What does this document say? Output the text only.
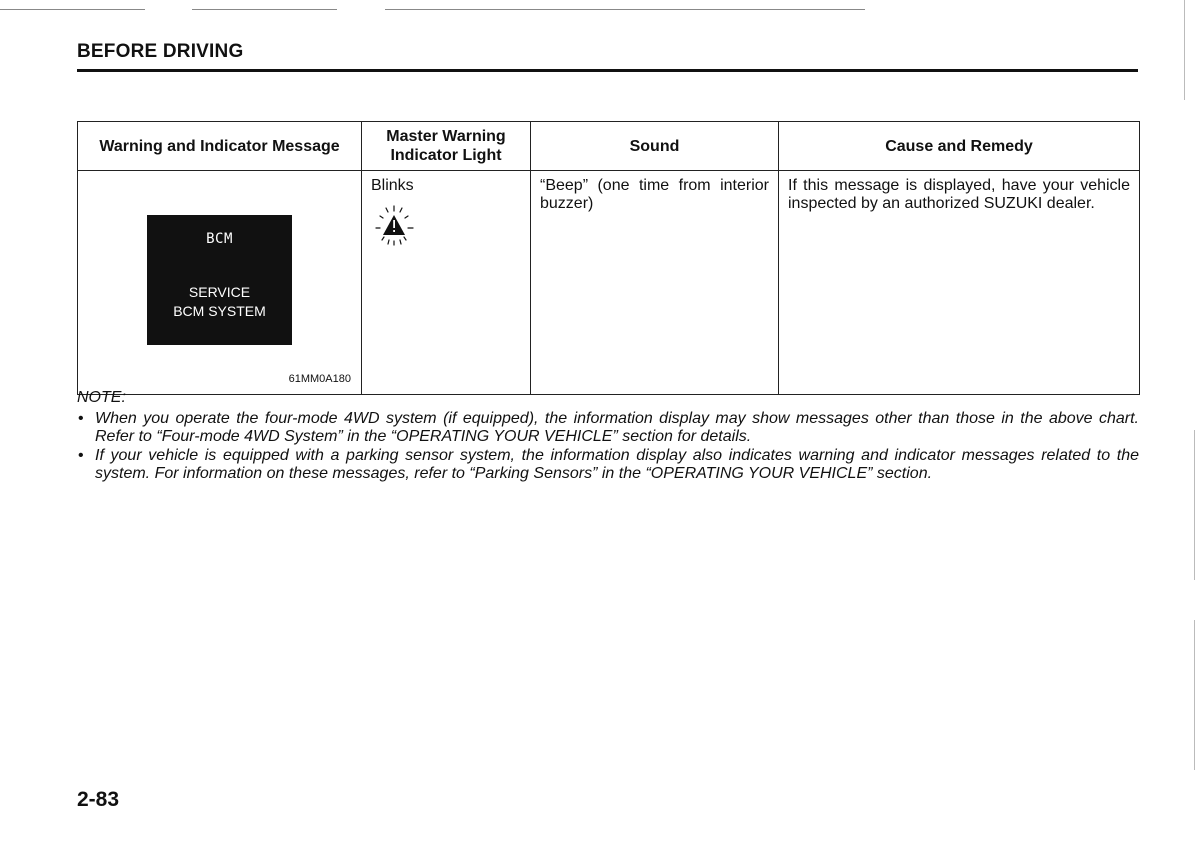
BEFORE DRIVING
Warning and Indicator Message	Master Warning Indicator Light	Sound	Cause and Remedy

BCM
SERVICE
BCM SYSTEM
61MM0A180	Blinks	“Beep” (one time from interior buzzer)	If this message is displayed, have your vehicle inspected by an authorized SUZUKI dealer.
NOTE:
• When you operate the four-mode 4WD system (if equipped), the information display may show messages other than those in the above chart. Refer to “Four-mode 4WD System” in the “OPERATING YOUR VEHICLE” section for details.
• If your vehicle is equipped with a parking sensor system, the information display also indicates warning and indicator messages related to the system. For information on these messages, refer to “Parking Sensors” in the “OPERATING YOUR VEHICLE” section.
2-83
